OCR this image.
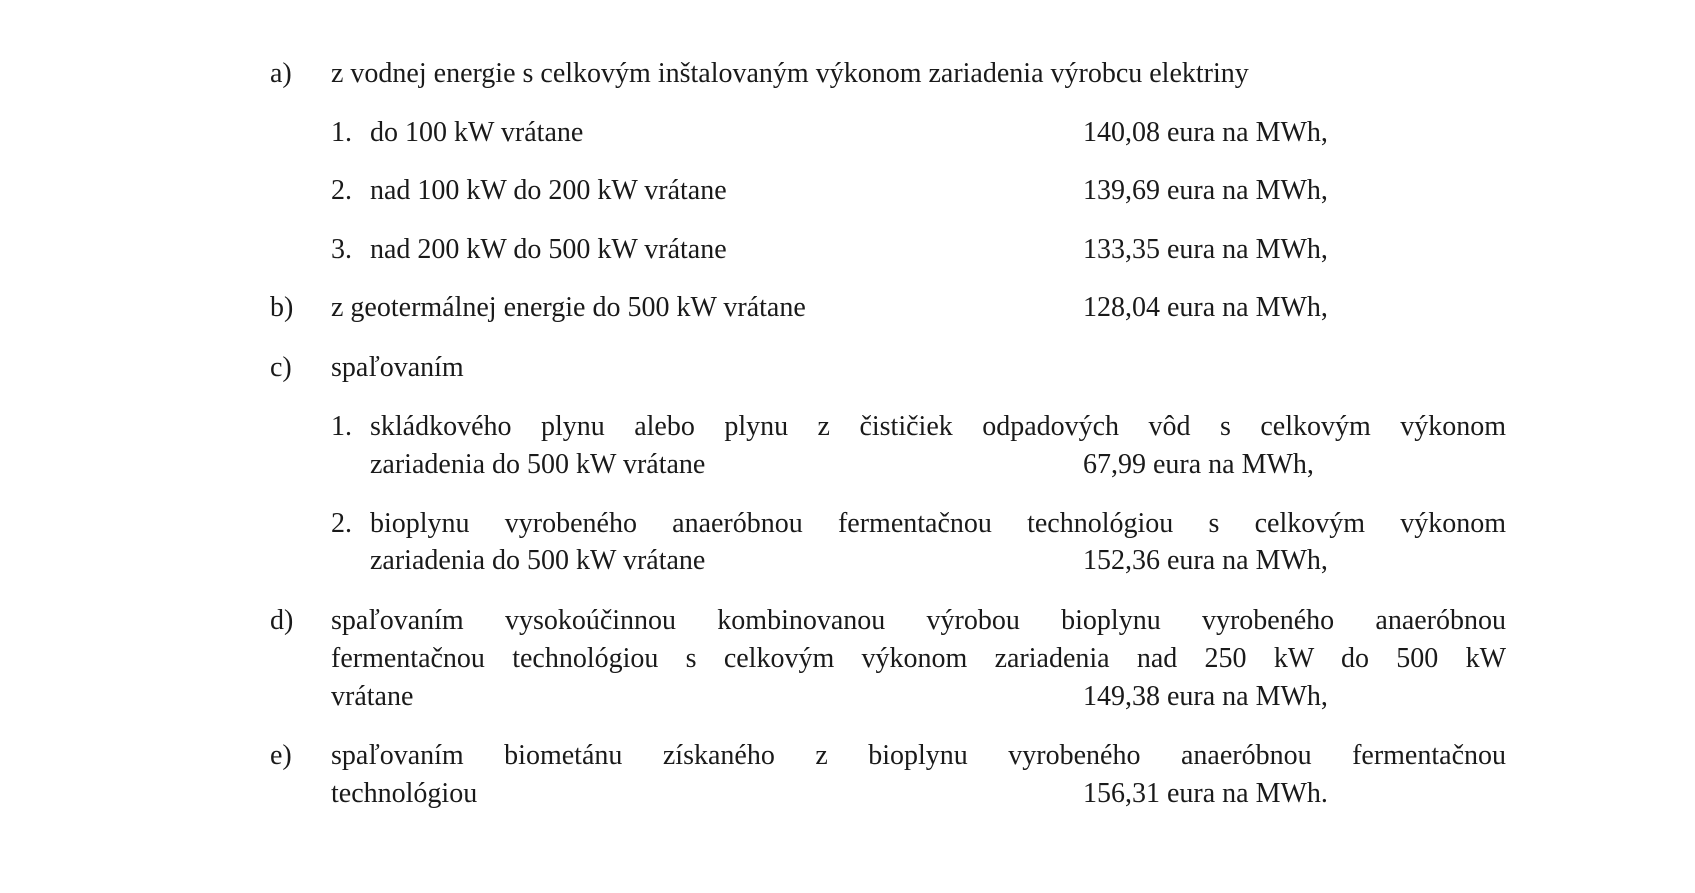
a) z vodnej energie s celkovým inštalovaným výkonom zariadenia výrobcu elektriny
1. do 100 kW vrátane	140,08 eura na MWh,
2. nad 100 kW do 200 kW vrátane	139,69 eura na MWh,
3. nad 200 kW do 500 kW vrátane	133,35 eura na MWh,
b) z geotermálnej energie do 500 kW vrátane	128,04 eura na MWh,
c) spaľovaním
1. skládkového plynu alebo plynu z čističiek odpadových vôd s celkovým výkonom
zariadenia do 500 kW vrátane	67,99 eura na MWh,
2. bioplynu vyrobeného anaeróbnou fermentačnou technológiou s celkovým výkonom
zariadenia do 500 kW vrátane	152,36 eura na MWh,
d) spaľovaním vysokoúčinnou kombinovanou výrobou bioplynu vyrobeného anaeróbnou
fermentačnou technológiou s celkovým výkonom zariadenia nad 250 kW do 500 kW
vrátane	149,38 eura na MWh,
e) spaľovaním biometánu získaného z bioplynu vyrobeného anaeróbnou fermentačnou
technológiou	156,31 eura na MWh.
